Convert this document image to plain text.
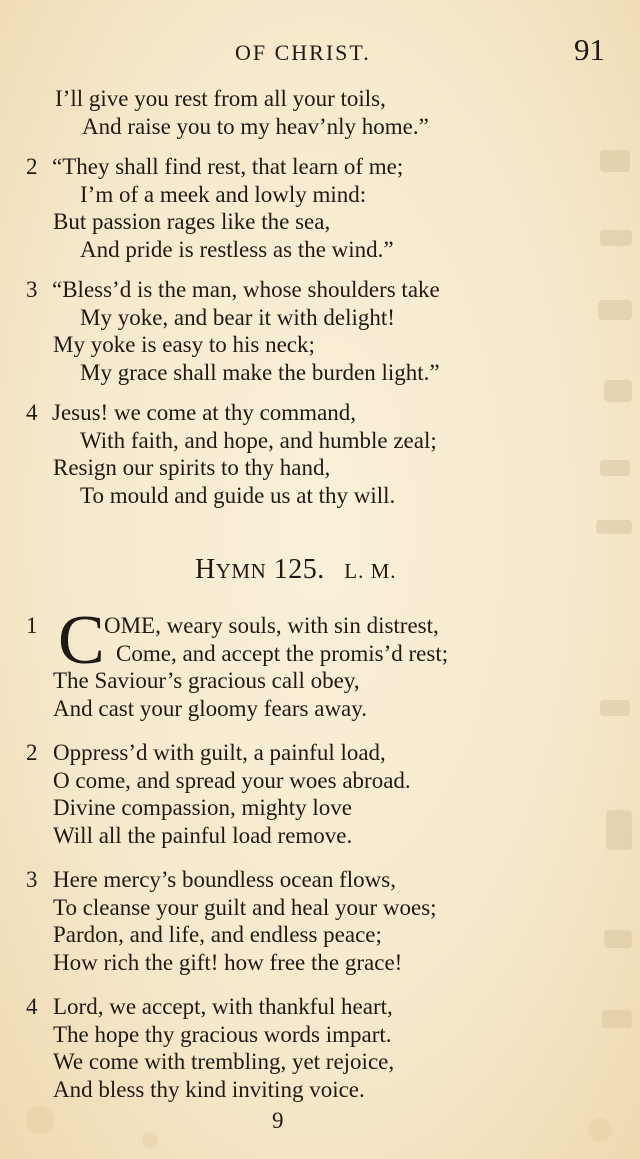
OF CHRIST.	91
I’ll give you rest from all your toils,
And raise you to my heav’nly home.”
2 “They shall find rest, that learn of me;
I’m of a meek and lowly mind:
But passion rages like the sea,
And pride is restless as the wind.”
3 “Bless’d is the man, whose shoulders take
My yoke, and bear it with delight!
My yoke is easy to his neck;
My grace shall make the burden light.”
4 Jesus! we come at thy command,
With faith, and hope, and humble zeal;
Resign our spirits to thy hand,
To mould and guide us at thy will.
HYMN 125. L. M.
1 C OME, weary souls, with sin distrest,
Come, and accept the promis’d rest;
The Saviour’s gracious call obey,
And cast your gloomy fears away.
2 Oppress’d with guilt, a painful load,
O come, and spread your woes abroad.
Divine compassion, mighty love
Will all the painful load remove.
3 Here mercy’s boundless ocean flows,
To cleanse your guilt and heal your woes;
Pardon, and life, and endless peace;
How rich the gift! how free the grace!
4 Lord, we accept, with thankful heart,
The hope thy gracious words impart.
We come with trembling, yet rejoice,
And bless thy kind inviting voice.
9
